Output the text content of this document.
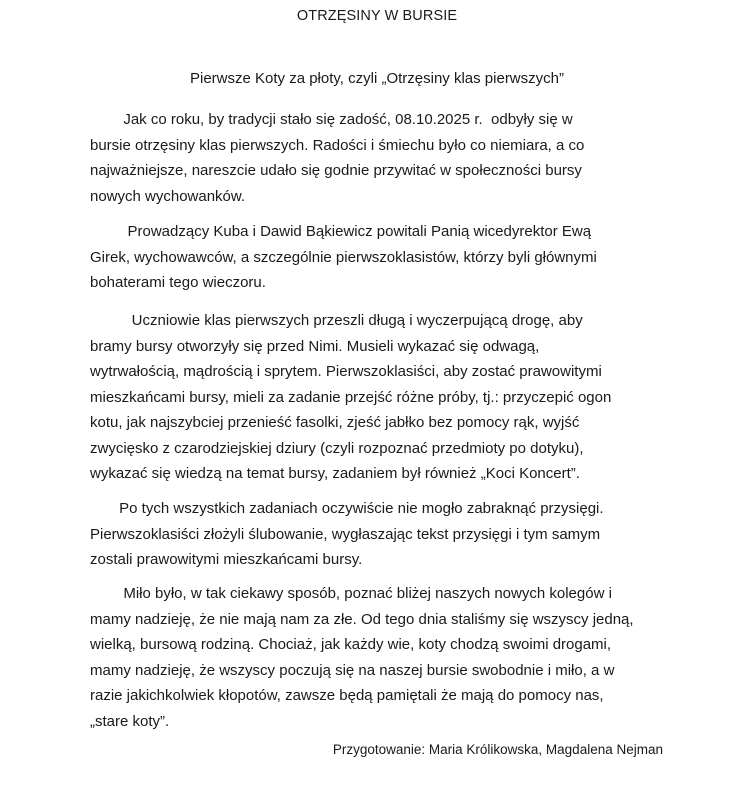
OTRZĘSINY W BURSIE
Pierwsze Koty za płoty, czyli „Otrzęsiny klas pierwszych”
Jak co roku, by tradycji stało się zadość, 08.10.2025 r.  odbyły się w
bursie otrzęsiny klas pierwszych. Radości i śmiechu było co niemiara, a co
najważniejsze, nareszcie udało się godnie przywitać w społeczności bursy
nowych wychowanków.
Prowadzący Kuba i Dawid Bąkiewicz powitali Panią wicedyrektor Ewą
Girek, wychowawców, a szczególnie pierwszoklasistów, którzy byli głównymi
bohaterami tego wieczoru.
Uczniowie klas pierwszych przeszli długą i wyczerpującą drogę, aby
bramy bursy otworzyły się przed Nimi. Musieli wykazać się odwagą,
wytrwałością, mądrością i sprytem. Pierwszoklasiści, aby zostać prawowitymi
mieszkańcami bursy, mieli za zadanie przejść różne próby, tj.: przyczepić ogon
kotu, jak najszybciej przenieść fasolki, zjeść jabłko bez pomocy rąk, wyjść
zwycięsko z czarodziejskiej dziury (czyli rozpoznać przedmioty po dotyku),
wykazać się wiedzą na temat bursy, zadaniem był również „Koci Koncert”.
Po tych wszystkich zadaniach oczywiście nie mogło zabraknąć przysięgi.
Pierwszoklasiści złożyli ślubowanie, wygłaszając tekst przysięgi i tym samym
zostali prawowitymi mieszkańcami bursy.
Miło było, w tak ciekawy sposób, poznać bliżej naszych nowych kolegów i
mamy nadzieję, że nie mają nam za złe. Od tego dnia staliśmy się wszyscy jedną,
wielką, bursową rodziną. Chociaż, jak każdy wie, koty chodzą swoimi drogami,
mamy nadzieję, że wszyscy poczują się na naszej bursie swobodnie i miło, a w
razie jakichkolwiek kłopotów, zawsze będą pamiętali że mają do pomocy nas,
„stare koty”.
Przygotowanie: Maria Królikowska, Magdalena Nejman
